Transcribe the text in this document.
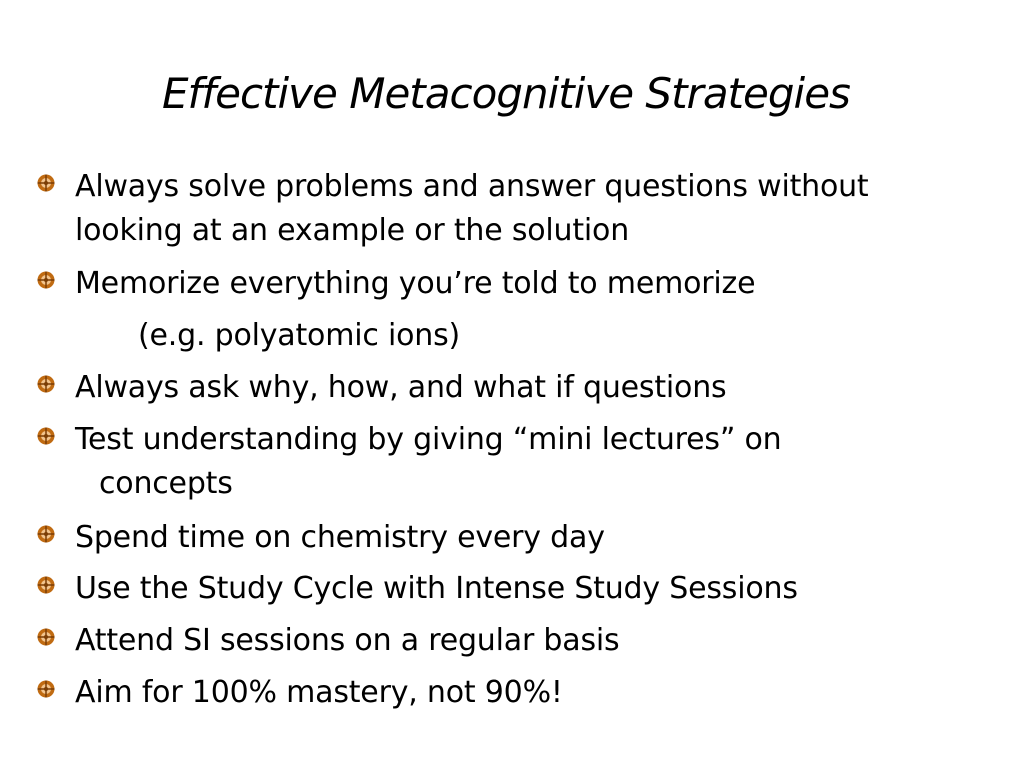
Effective Metacognitive Strategies
Always solve problems and answer questions without
looking at an example or the solution
Memorize everything you’re told to memorize
(e.g. polyatomic ions)
Always ask why, how, and what if questions
Test understanding by giving “mini lectures” on
concepts
Spend time on chemistry every day
Use the Study Cycle with Intense Study Sessions
Attend SI sessions on a regular basis
Aim for 100% mastery, not 90%!
